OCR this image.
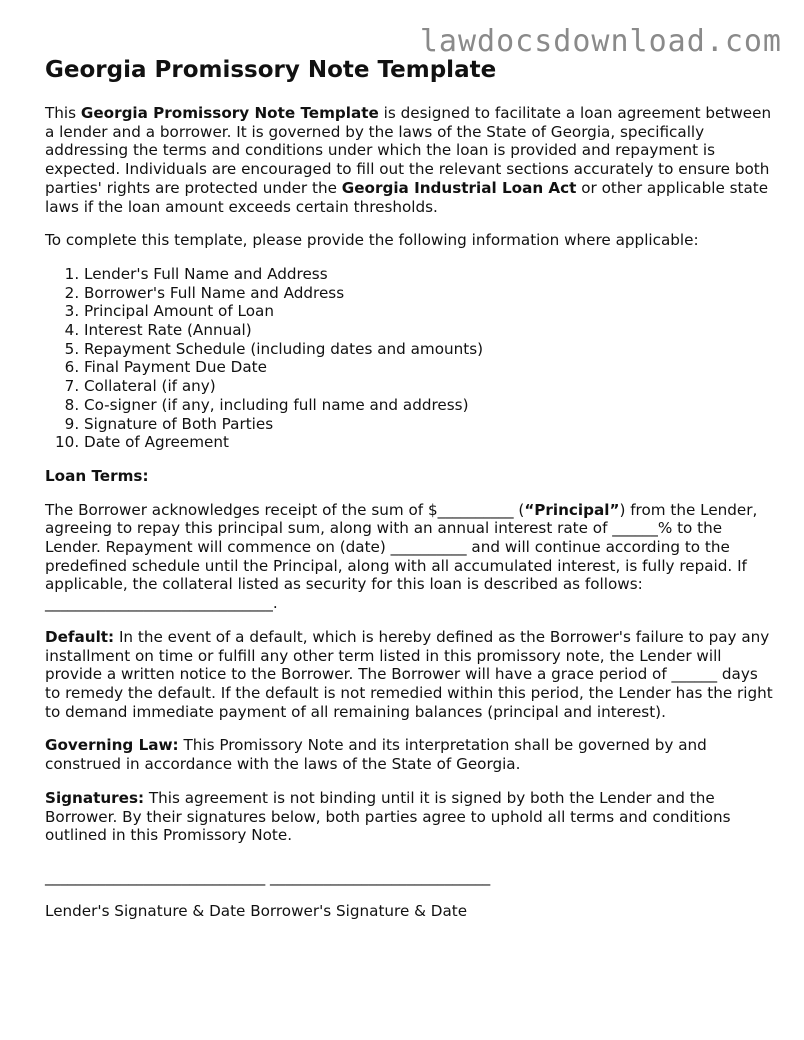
lawdocsdownload.com
Georgia Promissory Note Template

This Georgia Promissory Note Template is designed to facilitate a loan agreement between a lender and a borrower. It is governed by the laws of the State of Georgia, specifically addressing the terms and conditions under which the loan is provided and repayment is expected. Individuals are encouraged to fill out the relevant sections accurately to ensure both parties' rights are protected under the Georgia Industrial Loan Act or other applicable state laws if the loan amount exceeds certain thresholds.

To complete this template, please provide the following information where applicable:

1. Lender's Full Name and Address
2. Borrower's Full Name and Address
3. Principal Amount of Loan
4. Interest Rate (Annual)
5. Repayment Schedule (including dates and amounts)
6. Final Payment Due Date
7. Collateral (if any)
8. Co-signer (if any, including full name and address)
9. Signature of Both Parties
10. Date of Agreement

Loan Terms:

The Borrower acknowledges receipt of the sum of $__________ (“Principal”) from the Lender, agreeing to repay this principal sum, along with an annual interest rate of ______% to the Lender. Repayment will commence on (date) __________ and will continue according to the predefined schedule until the Principal, along with all accumulated interest, is fully repaid. If applicable, the collateral listed as security for this loan is described as follows: ______________________________.

Default: In the event of a default, which is hereby defined as the Borrower's failure to pay any installment on time or fulfill any other term listed in this promissory note, the Lender will provide a written notice to the Borrower. The Borrower will have a grace period of ______ days to remedy the default. If the default is not remedied within this period, the Lender has the right to demand immediate payment of all remaining balances (principal and interest).

Governing Law: This Promissory Note and its interpretation shall be governed by and construed in accordance with the laws of the State of Georgia.

Signatures: This agreement is not binding until it is signed by both the Lender and the Borrower. By their signatures below, both parties agree to uphold all terms and conditions outlined in this Promissory Note.

_____________________________ _____________________________
Lender's Signature & Date Borrower's Signature & Date
